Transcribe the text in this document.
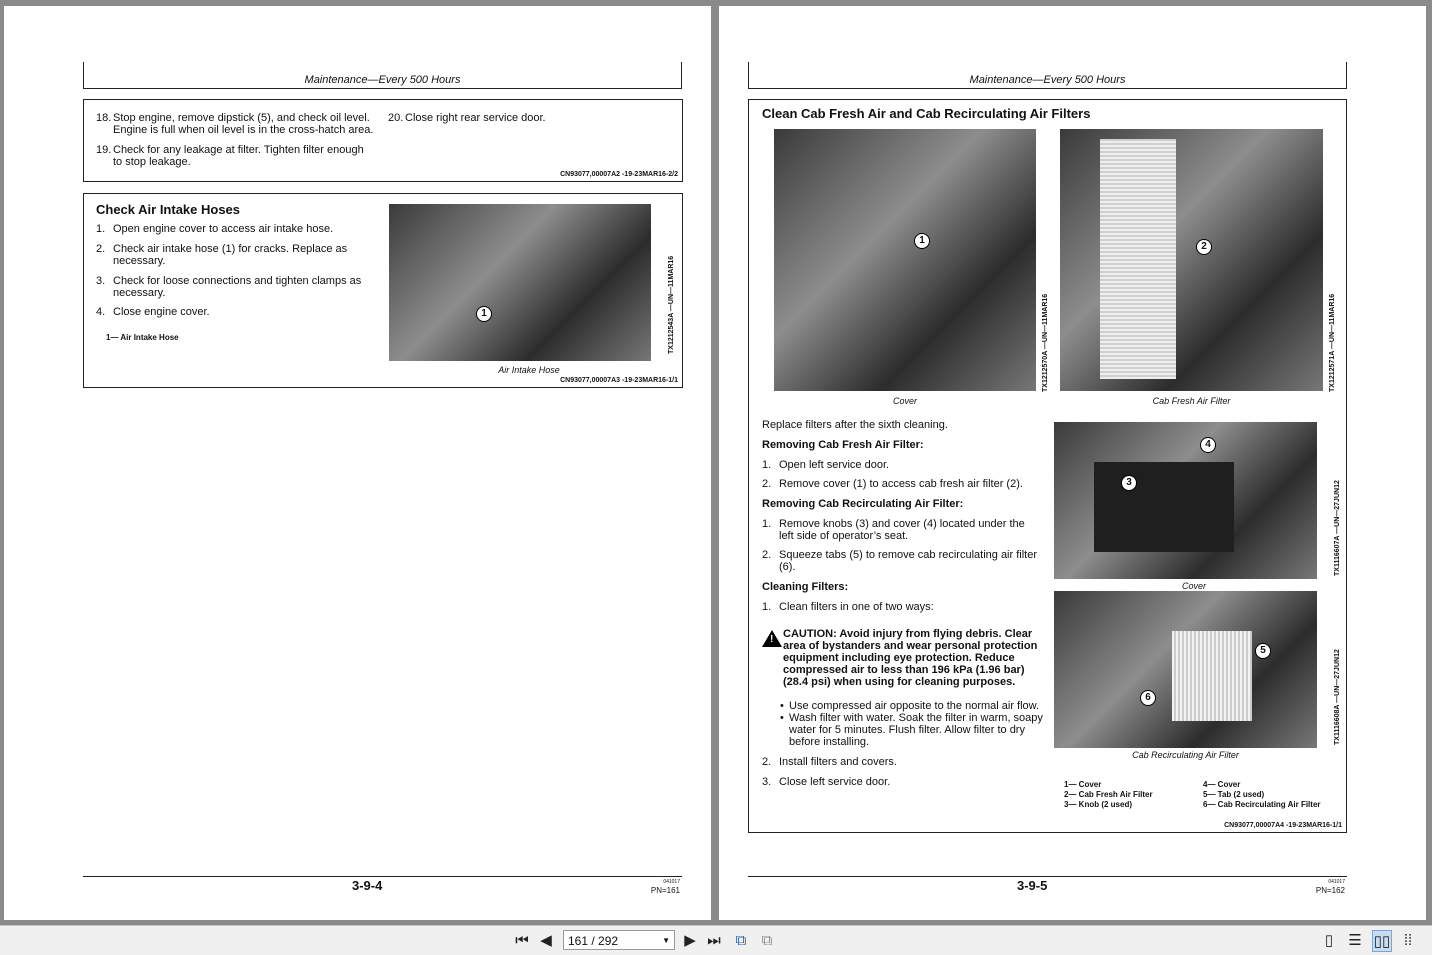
Maintenance—Every 500 Hours
18. Stop engine, remove dipstick (5), and check oil level. Engine is full when oil level is in the cross-hatch area.
19. Check for any leakage at filter. Tighten filter enough to stop leakage.
20. Close right rear service door.
CN93077,00007A2 -19-23MAR16-2/2
Check Air Intake Hoses
1. Open engine cover to access air intake hose.
2. Check air intake hose (1) for cracks. Replace as necessary.
3. Check for loose connections and tighten clamps as necessary.
4. Close engine cover.
1— Air Intake Hose
1	TX1212543A —UN—11MAR16
Air Intake Hose
CN93077,00007A3 -19-23MAR16-1/1
3-9-4	041017
PN=161
Maintenance—Every 500 Hours
Clean Cab Fresh Air and Cab Recirculating Air Filters
1
TX1212570A —UN—11MAR16
Cover
2
TX1212571A —UN—11MAR16
Cab Fresh Air Filter
Replace filters after the sixth cleaning.
Removing Cab Fresh Air Filter:
1. Open left service door.
2. Remove cover (1) to access cab fresh air filter (2).
Removing Cab Recirculating Air Filter:
1. Remove knobs (3) and cover (4) located under the left side of operator’s seat.
2. Squeeze tabs (5) to remove cab recirculating air filter (6).
Cleaning Filters:
1. Clean filters in one of two ways:
! CAUTION: Avoid injury from flying debris. Clear area of bystanders and wear personal protection equipment including eye protection. Reduce compressed air to less than 196 kPa (1.96 bar) (28.4 psi) when using for cleaning purposes.
• Use compressed air opposite to the normal air flow.
• Wash filter with water. Soak the filter in warm, soapy water for 5 minutes. Flush filter. Allow filter to dry before installing.
2. Install filters and covers.
3. Close left service door.
3
4
TX1116607A —UN—27JUN12
Cover
5
6	TX1116608A —UN—27JUN12
Cab Recirculating Air Filter
1— Cover
2— Cab Fresh Air Filter
3— Knob (2 used)
4— Cover
5— Tab (2 used)
6— Cab Recirculating Air Filter
CN93077,00007A4 -19-23MAR16-1/1
3-9-5	041017
PN=162
⏮ ◀	161 / 292	▼ ▶ ⏭ ⧉ ⧉	▯ ☰ ▯▯ ⁞⁞
